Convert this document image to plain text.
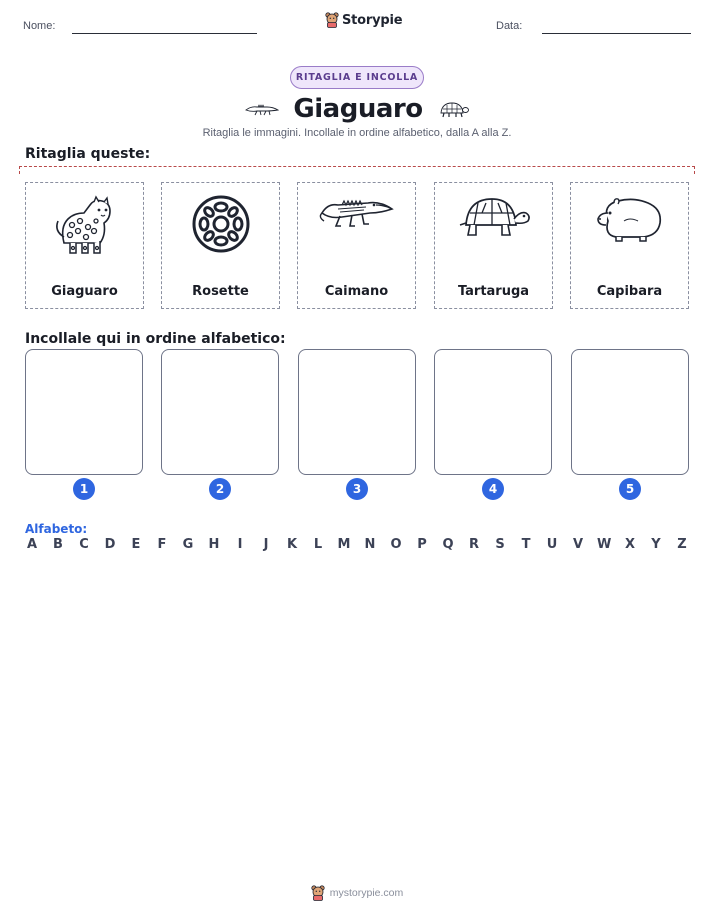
Nome:	Storypie	Data:
RITAGLIA E INCOLLA
Giaguaro
Ritaglia le immagini. Incollale in ordine alfabetico, dalla A alla Z.
Ritaglia queste:
Giaguaro	Rosette	Caimano	Tartaruga	Capibara
Incollale qui in ordine alfabetico:
1	2	3	4	5
Alfabeto:
A B C D E F G H	I	J	K L M N O P Q R S T U V W X Y Z
mystorypie.com
